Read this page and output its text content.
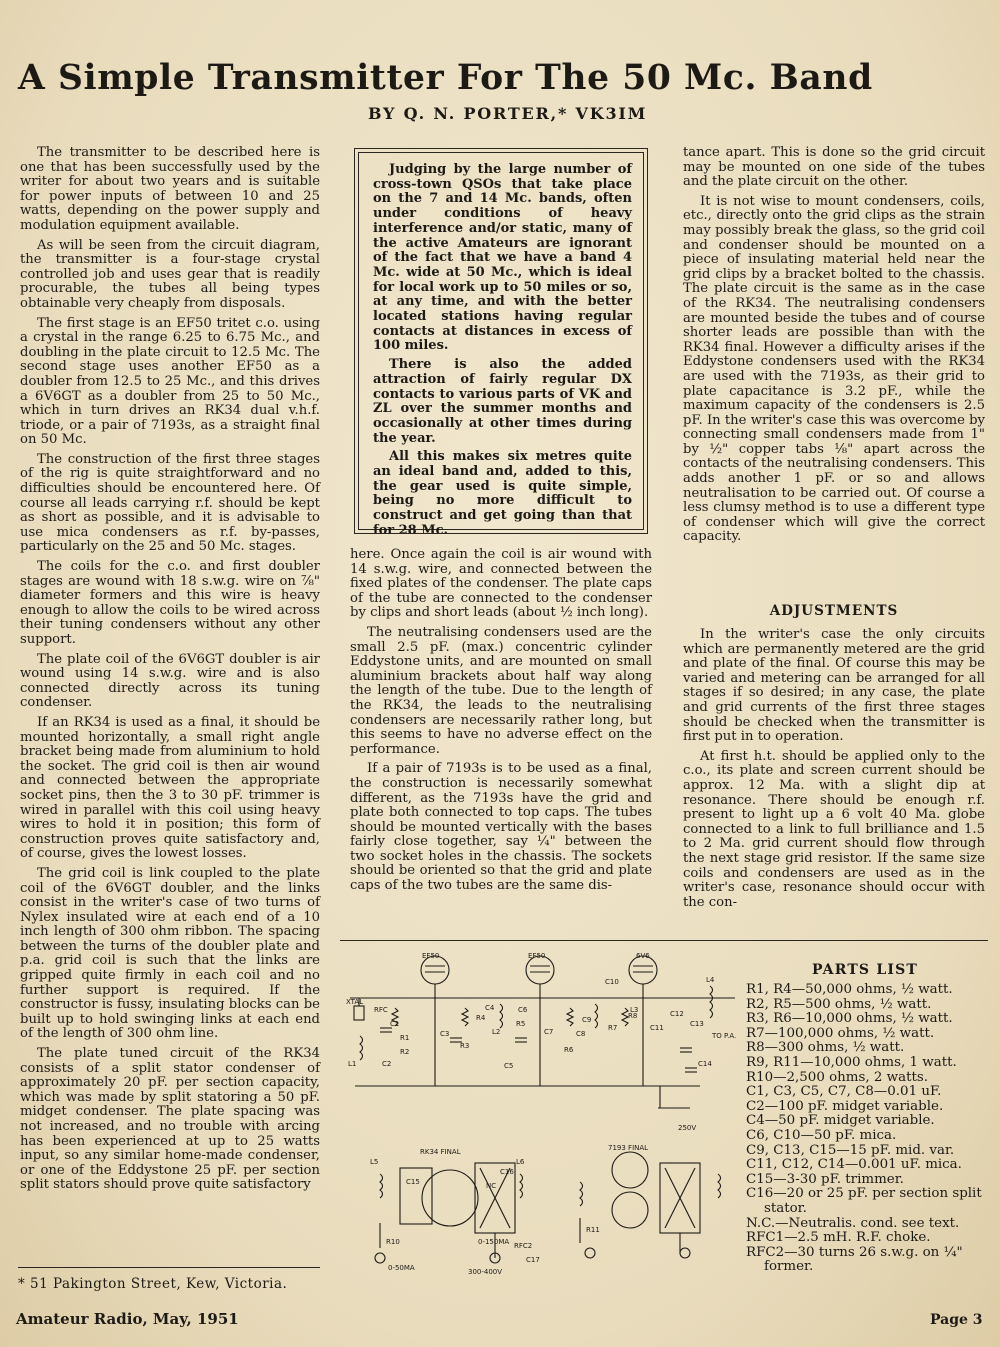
A Simple Transmitter For The 50 Mc. Band
BY Q. N. PORTER,* VK3IM

The transmitter to be described here is one that has been successfully used by the writer for about two years and is suitable for power inputs of between 10 and 25 watts, depending on the power supply and modulation equipment available.

As will be seen from the circuit diagram, the transmitter is a four-stage crystal controlled job and uses gear that is readily procurable, the tubes all being types obtainable very cheaply from disposals.

The first stage is an EF50 tritet c.o. using a crystal in the range 6.25 to 6.75 Mc., and doubling in the plate circuit to 12.5 Mc. The second stage uses another EF50 as a doubler from 12.5 to 25 Mc., and this drives a 6V6GT as a doubler from 25 to 50 Mc., which in turn drives an RK34 dual v.h.f. triode, or a pair of 7193s, as a straight final on 50 Mc.

The construction of the first three stages of the rig is quite straightforward and no difficulties should be encountered here. Of course all leads carrying r.f. should be kept as short as possible, and it is advisable to use mica condensers as r.f. by-passes, particularly on the 25 and 50 Mc. stages.

The coils for the c.o. and first doubler stages are wound with 18 s.w.g. wire on ⅞" diameter formers and this wire is heavy enough to allow the coils to be wired across their tuning condensers without any other support.

The plate coil of the 6V6GT doubler is air wound using 14 s.w.g. wire and is also connected directly across its tuning condenser.

If an RK34 is used as a final, it should be mounted horizontally, a small right angle bracket being made from aluminium to hold the socket. The grid coil is then air wound and connected between the appropriate socket pins, then the 3 to 30 pF. trimmer is wired in parallel with this coil using heavy wires to hold it in position; this form of construction proves quite satisfactory and, of course, gives the lowest losses.

The grid coil is link coupled to the plate coil of the 6V6GT doubler, and the links consist in the writer's case of two turns of Nylex insulated wire at each end of a 10 inch length of 300 ohm ribbon. The spacing between the turns of the doubler plate and p.a. grid coil is such that the links are gripped quite firmly in each coil and no further support is required. If the constructor is fussy, insulating blocks can be built up to hold swinging links at each end of the length of 300 ohm line.

The plate tuned circuit of the RK34 consists of a split stator condenser of approximately 20 pF. per section capacity, which was made by split statoring a 50 pF. midget condenser. The plate spacing was not increased, and no trouble with arcing has been experienced at up to 25 watts input, so any similar home-made condenser, or one of the Eddystone 25 pF. per section split stators should prove quite satisfactory

Judging by the large number of cross-town QSOs that take place on the 7 and 14 Mc. bands, often under conditions of heavy interference and/or static, many of the active Amateurs are ignorant of the fact that we have a band 4 Mc. wide at 50 Mc., which is ideal for local work up to 50 miles or so, at any time, and with the better located stations having regular contacts at distances in excess of 100 miles.

There is also the added attraction of fairly regular DX contacts to various parts of VK and ZL over the summer months and occasionally at other times during the year.

All this makes six metres quite an ideal band and, added to this, the gear used is quite simple, being no more difficult to construct and get going than that for 28 Mc.

here. Once again the coil is air wound with 14 s.w.g. wire, and connected between the fixed plates of the condenser. The plate caps of the tube are connected to the condenser by clips and short leads (about ½ inch long).

The neutralising condensers used are the small 2.5 pF. (max.) concentric cylinder Eddystone units, and are mounted on small aluminium brackets about half way along the length of the tube. Due to the length of the RK34, the leads to the neutralising condensers are necessarily rather long, but this seems to have no adverse effect on the performance.

If a pair of 7193s is to be used as a final, the construction is necessarily somewhat different, as the 7193s have the grid and plate both connected to top caps. The tubes should be mounted vertically with the bases fairly close together, say ¼" between the two socket holes in the chassis. The sockets should be oriented so that the grid and plate caps of the two tubes are the same dis-

tance apart. This is done so the grid circuit may be mounted on one side of the tubes and the plate circuit on the other.

It is not wise to mount condensers, coils, etc., directly onto the grid clips as the strain may possibly break the glass, so the grid coil and condenser should be mounted on a piece of insulating material held near the grid clips by a bracket bolted to the chassis. The plate circuit is the same as in the case of the RK34. The neutralising condensers are mounted beside the tubes and of course shorter leads are possible than with the RK34 final. However a difficulty arises if the Eddystone condensers used with the RK34 are used with the 7193s, as their grid to plate capacitance is 3.2 pF., while the maximum capacity of the condensers is 2.5 pF. In the writer's case this was overcome by connecting small condensers made from 1" by ½" copper tabs ⅛" apart across the contacts of the neutralising condensers. This adds another 1 pF. or so and allows neutralisation to be carried out. Of course a less clumsy method is to use a different type of condenser which will give the correct capacity.

ADJUSTMENTS

In the writer's case the only circuits which are permanently metered are the grid and plate of the final. Of course this may be varied and metering can be arranged for all stages if so desired; in any case, the plate and grid currents of the first three stages should be checked when the transmitter is first put in to operation.

At first h.t. should be applied only to the c.o., its plate and screen current should be approx. 12 Ma. with a slight dip at resonance. There should be enough r.f. present to light up a 6 volt 40 Ma. globe connected to a link to full brilliance and 1.5 to 2 Ma. grid current should flow through the next stage grid resistor. If the same size coils and condensers are used as in the writer's case, resonance should occur with the con-

EF50	EF50	6V6
RK34 FINAL	7193 FINAL
XTAL
RFC
C1
R1
R2
C2
L1
C3
R3
C4
L2
R4
R5
C5
C6
C7
R6
C8
C9
C10
R7
R8
C11
C12
C13
L3
L4
C14
TO P.A.
250V
L5	L6
C15
C16
NC
R10
R11
0-50MA
0-150MA RFC2
C17
300-400V
PARTS LIST
R1, R4—50,000 ohms, ½ watt.
R2, R5—500 ohms, ½ watt.
R3, R6—10,000 ohms, ½ watt.
R7—100,000 ohms, ½ watt.
R8—300 ohms, ½ watt.
R9, R11—10,000 ohms, 1 watt.
R10—2,500 ohms, 2 watts.
C1, C3, C5, C7, C8—0.01 uF.
C2—100 pF. midget variable.
C4—50 pF. midget variable.
C6, C10—50 pF. mica.
C9, C13, C15—15 pF. mid. var.
C11, C12, C14—0.001 uF. mica.
C15—3-30 pF. trimmer.
C16—20 or 25 pF. per section split stator.
N.C.—Neutralis. cond. see text.
RFC1—2.5 mH. R.F. choke.
RFC2—30 turns 26 s.w.g. on ¼" former.
* 51 Pakington Street, Kew, Victoria.
Amateur Radio, May, 1951	Page 3
